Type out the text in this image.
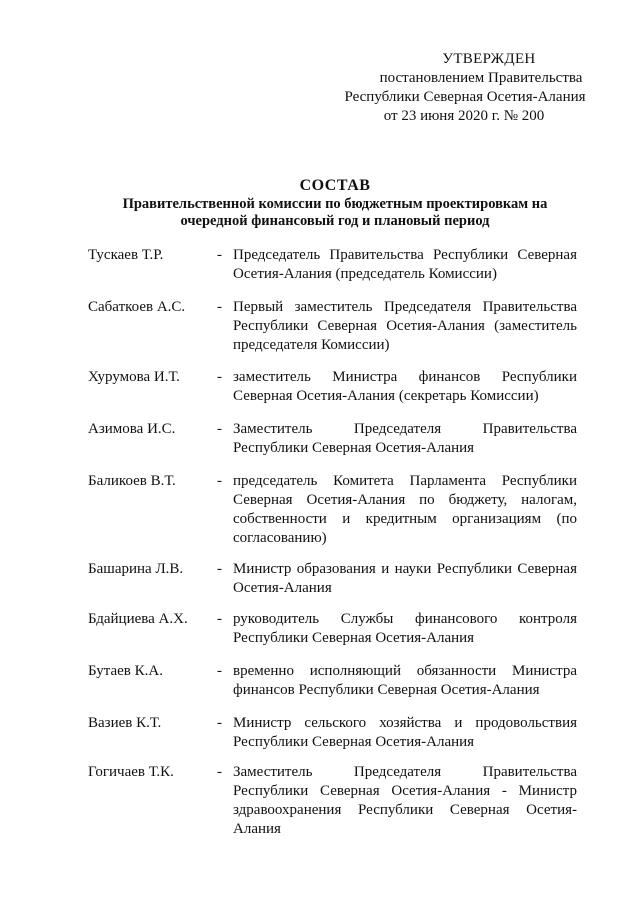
УТВЕРЖДЕН
постановлением Правительства
Республики Северная Осетия-Алания
от 23 июня 2020 г. № 200
СОСТАВ
Правительственной комиссии по бюджетным проектировкам на
очередной финансовый год и плановый период
Тускаев Т.Р.	- Председатель Правительства Республики Северная Осетия-Алания (председатель Комиссии)
Сабаткоев А.С.	- Первый заместитель Председателя Правительства Республики Северная Осетия-Алания (заместитель председателя Комиссии)
Хурумова И.Т.	- заместитель Министра финансов Республики Северная Осетия-Алания (секретарь Комиссии)
Азимова И.С.	- Заместитель Председателя Правительства Республики Северная Осетия-Алания
Баликоев В.Т.	- председатель Комитета Парламента Республики Северная Осетия-Алания по бюджету, налогам, собственности и кредитным организациям (по согласованию)
Башарина Л.В.	- Министр образования и науки Республики Северная Осетия-Алания
Бдайциева А.Х.	- руководитель Службы финансового контроля Республики Северная Осетия-Алания
Бутаев К.А.	- временно исполняющий обязанности Министра финансов Республики Северная Осетия-Алания
Вазиев К.Т.	- Министр сельского хозяйства и продовольствия Республики Северная Осетия-Алания
Гогичаев Т.К.	- Заместитель Председателя Правительства Республики Северная Осетия-Алания - Министр здравоохранения Республики Северная Осетия-Алания
